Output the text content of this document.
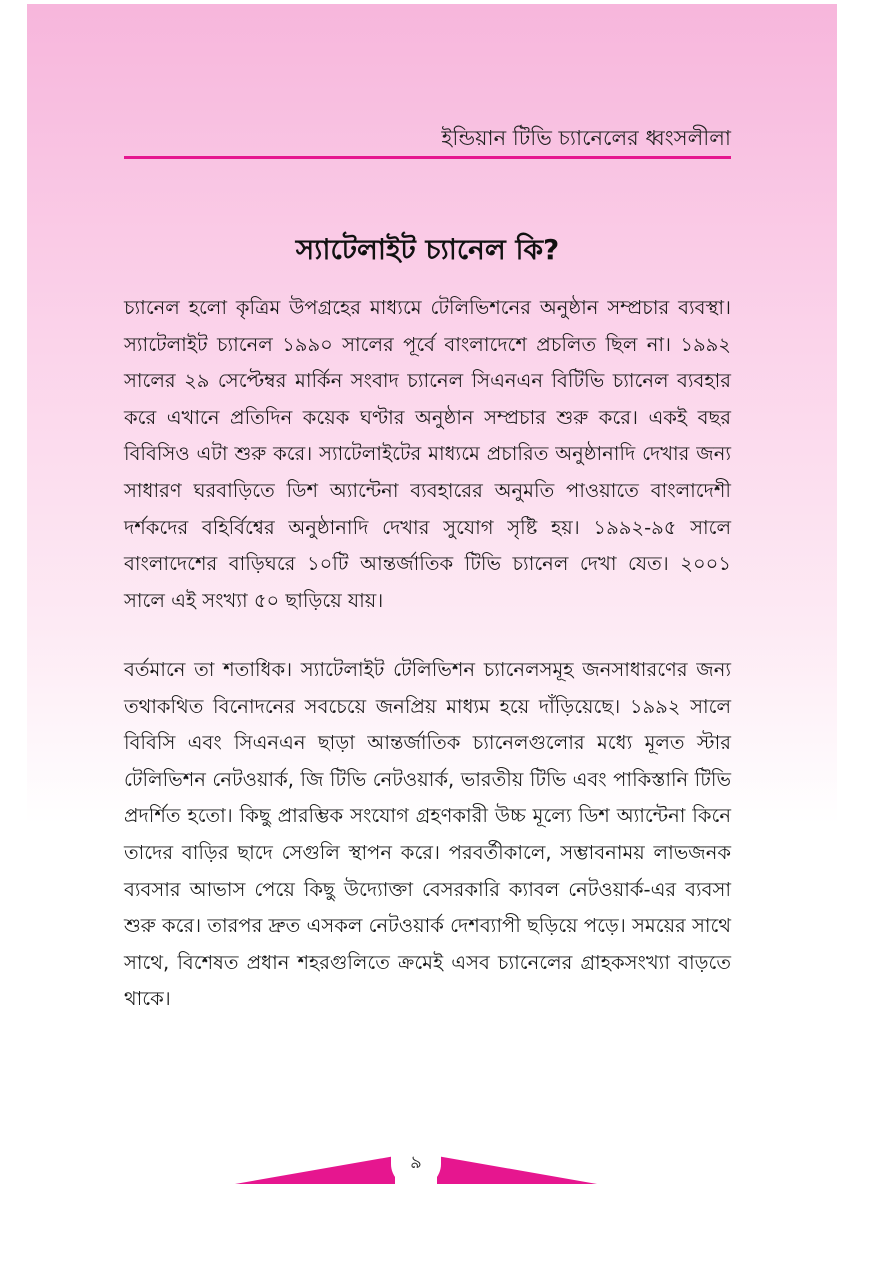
ইন্ডিয়ান টিভি চ্যানেলের ধ্বংসলীলা
স্যাটেলাইট চ্যানেল কি?

চ্যানেল হলো কৃত্রিম উপগ্রহের মাধ্যমে টেলিভিশনের অনুষ্ঠান সম্প্রচার ব্যবস্থা। স্যাটেলাইট চ্যানেল ১৯৯০ সালের পূর্বে বাংলাদেশে প্রচলিত ছিল না। ১৯৯২ সালের ২৯ সেপ্টেম্বর মার্কিন সংবাদ চ্যানেল সিএনএন বিটিভি চ্যানেল ব্যবহার করে এখানে প্রতিদিন কয়েক ঘণ্টার অনুষ্ঠান সম্প্রচার শুরু করে। একই বছর বিবিসিও এটা শুরু করে। স্যাটেলাইটের মাধ্যমে প্রচারিত অনুষ্ঠানাদি দেখার জন্য সাধারণ ঘরবাড়িতে ডিশ অ্যান্টেনা ব্যবহারের অনুমতি পাওয়াতে বাংলাদেশী দর্শকদের বহির্বিশ্বের অনুষ্ঠানাদি দেখার সুযোগ সৃষ্টি হয়। ১৯৯২-৯৫ সালে বাংলাদেশের বাড়িঘরে ১০টি আন্তর্জাতিক টিভি চ্যানেল দেখা যেত। ২০০১ সালে এই সংখ্যা ৫০ ছাড়িয়ে যায়।

বর্তমানে তা শতাধিক। স্যাটেলাইট টেলিভিশন চ্যানেলসমূহ জনসাধারণের জন্য তথাকথিত বিনোদনের সবচেয়ে জনপ্রিয় মাধ্যম হয়ে দাঁড়িয়েছে। ১৯৯২ সালে বিবিসি এবং সিএনএন ছাড়া আন্তর্জাতিক চ্যানেলগুলোর মধ্যে মূলত স্টার টেলিভিশন নেটওয়ার্ক, জি টিভি নেটওয়ার্ক, ভারতীয় টিভি এবং পাকিস্তানি টিভি প্রদর্শিত হতো। কিছু প্রারম্ভিক সংযোগ গ্রহণকারী উচ্চ মূল্যে ডিশ অ্যান্টেনা কিনে তাদের বাড়ির ছাদে সেগুলি স্থাপন করে। পরবর্তীকালে, সম্ভাবনাময় লাভজনক ব্যবসার আভাস পেয়ে কিছু উদ্যোক্তা বেসরকারি ক্যাবল নেটওয়ার্ক-এর ব্যবসা শুরু করে। তারপর দ্রুত এসকল নেটওয়ার্ক দেশব্যাপী ছড়িয়ে পড়ে। সময়ের সাথে সাথে, বিশেষত প্রধান শহরগুলিতে ক্রমেই এসব চ্যানেলের গ্রাহকসংখ্যা বাড়তে থাকে।

৯
